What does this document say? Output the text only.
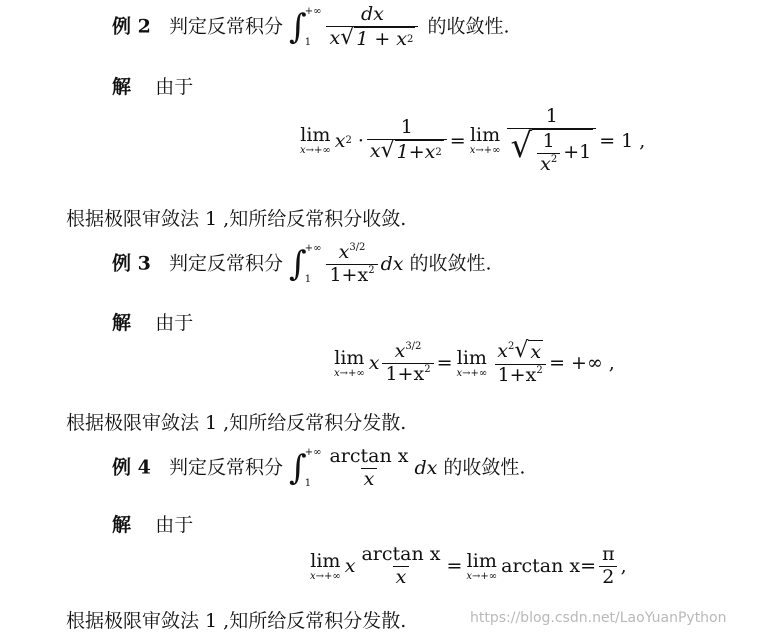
例 2 判定反常积分 ∫
+∞
$1 \frac{dx}{x √ 1 + x 2}$ 的收敛性.
解 由于
lim
x→+∞ x 2
· $\frac{1}{x √ 1+x 2} = \lim$
$x\to+\infty \frac{1}{√ \frac{1}{x^2} +1} = 1$ ,
根据极限审敛法 1 ,知所给反常积分收敛.
例 3 判定反常积分 ∫
+∞
$1 \frac{x^{3/2}}{1+x^2}$ dx 的收敛性.
解 由于
lim
x→+∞ x $\frac{x^{3/2}}{1+x^2} = \lim$
$x\to+\infty \frac{x^2 √ x}{1+x^2}$ = +∞ ,
根据极限审敛法 1 ,知所给反常积分发散.
例 4 判定反常积分 ∫
+∞
$1 \frac{\text{arctan x}}{x}$ dx 的收敛性.
解 由于
lim
x→+∞ x $\frac{\text{arctan x}}{x} = \lim$
x→+∞ $\arctan x = \frac{\pi}{2}$ ,
根据极限审敛法 1 ,知所给反常积分发散.	https://blog.csdn.net/LaoYuanPython
